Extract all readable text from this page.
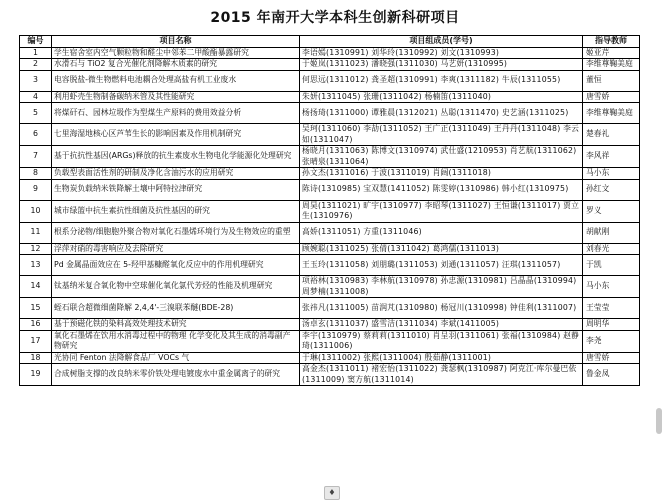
2015 年南开大学本科生创新科研项目
编号	项目名称	项目组成员(学号)	指导教师
1	学生宿舍室内空气颗粒物和醛尘中邻苯二甲酸酯暴露研究	李语嫣(1310991) 刘华玲(1310992) 刘文(1310993)	姬亚芹
2	水滑石与 TiO2 复合光催化剂降解木质素的研究	于姬岚(1311023) 潘晓强(1311030) 马艺妍(1310995)	李维尊鞠美庭
3	电容脱盐-微生物燃料电池耦合处理高盐有机工业废水	何思远(1311012) 龚圣超(1310991) 李爽(1311182) 牛辰(1311055)	董恒
4	利用虾壳生物制备碳纳米管及其性能研究	朱妍(1311045) 张珊(1311042) 杨楠笛(1311040)	唐雪娇
5	将煤矸石、园林垃圾作为型煤生产原料的费用效益分析	杨扬琦(1311000) 谭雅晨(1312021) 丛聪(1311470) 史艺涵(1311025)	李维尊鞠美庭
6	七里海湿地核心区芦苇生长的影响因素及作用机制研究	吴珂(1311060) 李劼(1311052) 王广正(1311049) 王丹丹(1311048) 李云如(1311047)	楚春礼
7	基于抗抗性基因(ARGs)释放的抗生素废水生物电化学能源化处理研究	杨晓月(1311063) 陈博文(1310974) 武仕盛(1210953) 肖艺航(1311062) 张晴泉(1311064)	李风祥
8	负载型表面活性剂的研制及净化含油污水的应用研究	孙文杰(1311016) 于波(1311019) 肖阔(1311018)	马小东
9	生物炭负载纳米铁降解土壤中阿特拉津研究	陈诗(1310985) 宝双慧(1411052) 陈雯婷(1310986) 韩小红(1310975)	孙红文
10	城市绿篮中抗生素抗性细菌及抗性基因的研究	周昊(1311021) 旷宇(1310977) 李昭琴(1311027) 王恒谦(1311017) 贾立生(1310976)	罗义
11	根系分泌物/细胞胞外聚合物对氧化石墨烯环境行为及生物效应的重塑	高娇(1311051) 方重(1311046)	胡献刚
12	浮萍对硝的毒害响应及去除研究	顾婉聪(1311025) 张倩(1311042) 葛鸿儒(1311013)	刘春光
13	Pd 金属晶面效应在 5-羟甲基糠醛氧化反应中的作用机理研究	王玉玲(1311058) 刘朋璐(1311053) 刘通(1311057) 汪琪(1311057)	于凯
14	钛基纳米复合氧化物中空球催化氧化氯代芳烃的性能及机理研究	项裕林(1310983) 李林航(1310978) 孙忠源(1310981) 吕晶晶(1310994) 周梦楠(1311008)	马小东
15	蛭石联合超微细菌降解 2,4,4'-三溴联苯醚(BDE-28)	张祎凡(1311005) 苗润芃(1310980) 杨冠川(1310998) 钟佳利(1311007)	王莹莹
16	基于预磁化铁的染料高效处理技术研究	汤卓玄(1311037) 盛雪洁(1311034) 李斌(1411005)	周明华
17	氧化石墨烯在饮用水消毒过程中的物理 化学变化及其生成的消毒副产物研究	李宇(1310979) 蔡莉莉(1311010) 肖呈羽(1311061) 张福(1310984) 赵静琦(1311006)	李尧
18	光协同 Fenton 法降解食品厂 VOCs 气	于琳(1311002) 张熙(1311004) 殷茹静(1311001)	唐雪娇
19	合成树脂支撑的改良纳米零价铁处理电镀废水中重金属离子的研究	高金杰(1311011) 褚宏怡(1311022) 龚瑟枫(1310987) 阿克江·库尔曼巴依(1311009) 窦方航(1311014)	鲁金凤
♦
